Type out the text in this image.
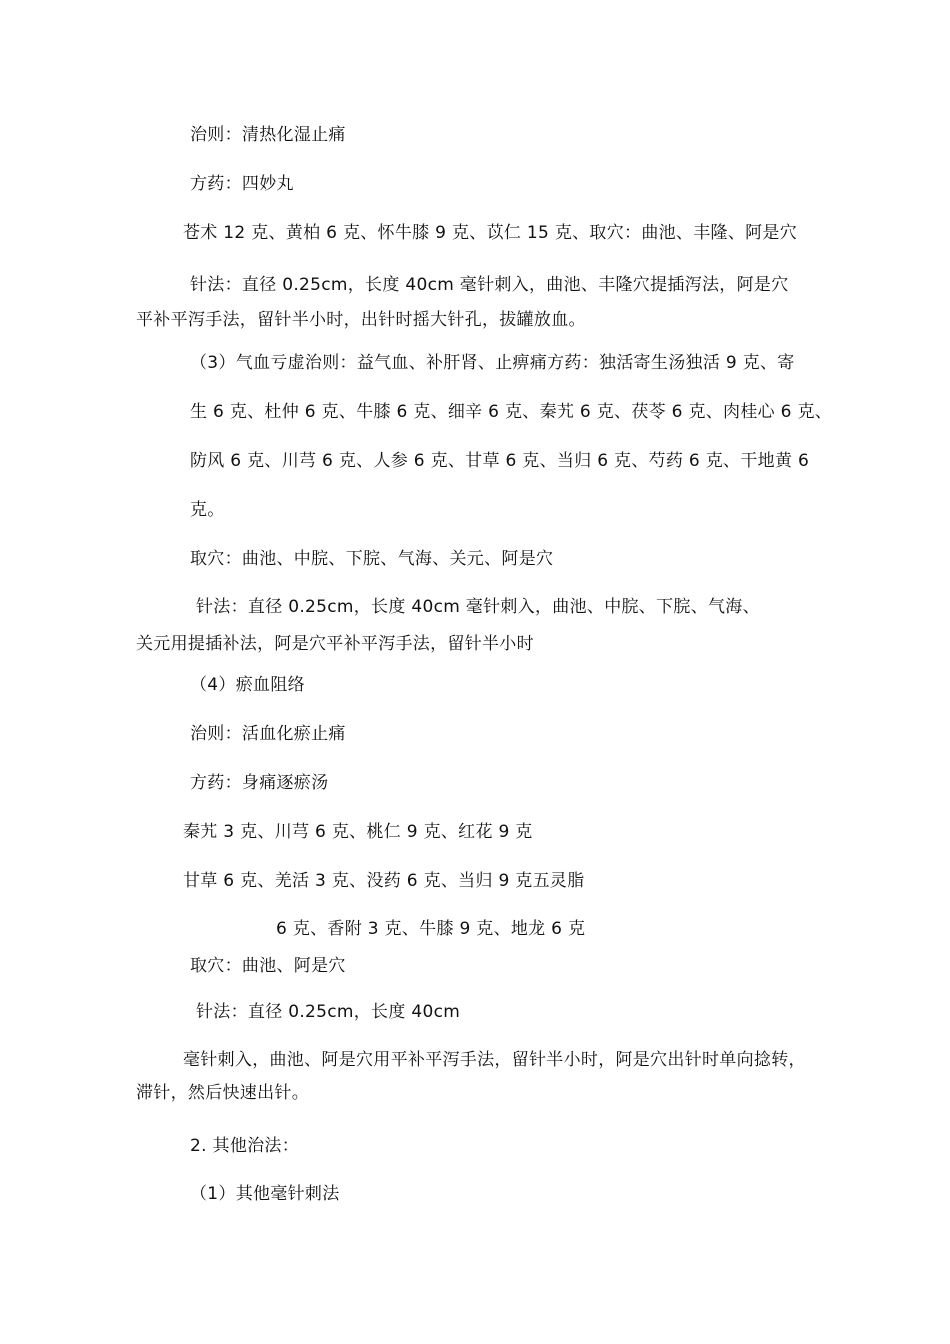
治则：清热化湿止痛
方药：四妙丸
苍术 12 克、黄柏 6 克、怀牛膝 9 克、苡仁 15 克、取穴：曲池、丰隆、阿是穴
针法：直径 0.25cm，长度 40cm 毫针刺入，曲池、丰隆穴提插泻法，阿是穴
平补平泻手法，留针半小时，出针时摇大针孔，拔罐放血。
（3）气血亏虚治则：益气血、补肝肾、止痹痛方药：独活寄生汤独活 9 克、寄
生 6 克、杜仲 6 克、牛膝 6 克、细辛 6 克、秦艽 6 克、茯苓 6 克、肉桂心 6 克、
防风 6 克、川芎 6 克、人参 6 克、甘草 6 克、当归 6 克、芍药 6 克、干地黄 6
克。
取穴：曲池、中脘、下脘、气海、关元、阿是穴
针法：直径 0.25cm，长度 40cm 毫针刺入，曲池、中脘、下脘、气海、
关元用提插补法，阿是穴平补平泻手法，留针半小时
（4）瘀血阻络
治则：活血化瘀止痛
方药：身痛逐瘀汤
秦艽 3 克、川芎 6 克、桃仁 9 克、红花 9 克
甘草 6 克、羌活 3 克、没药 6 克、当归 9 克五灵脂
6 克、香附 3 克、牛膝 9 克、地龙 6 克
取穴：曲池、阿是穴
针法：直径 0.25cm，长度 40cm
毫针刺入，曲池、阿是穴用平补平泻手法，留针半小时，阿是穴出针时单向捻转，
滞针，然后快速出针。
2. 其他治法：
（1）其他毫针刺法
